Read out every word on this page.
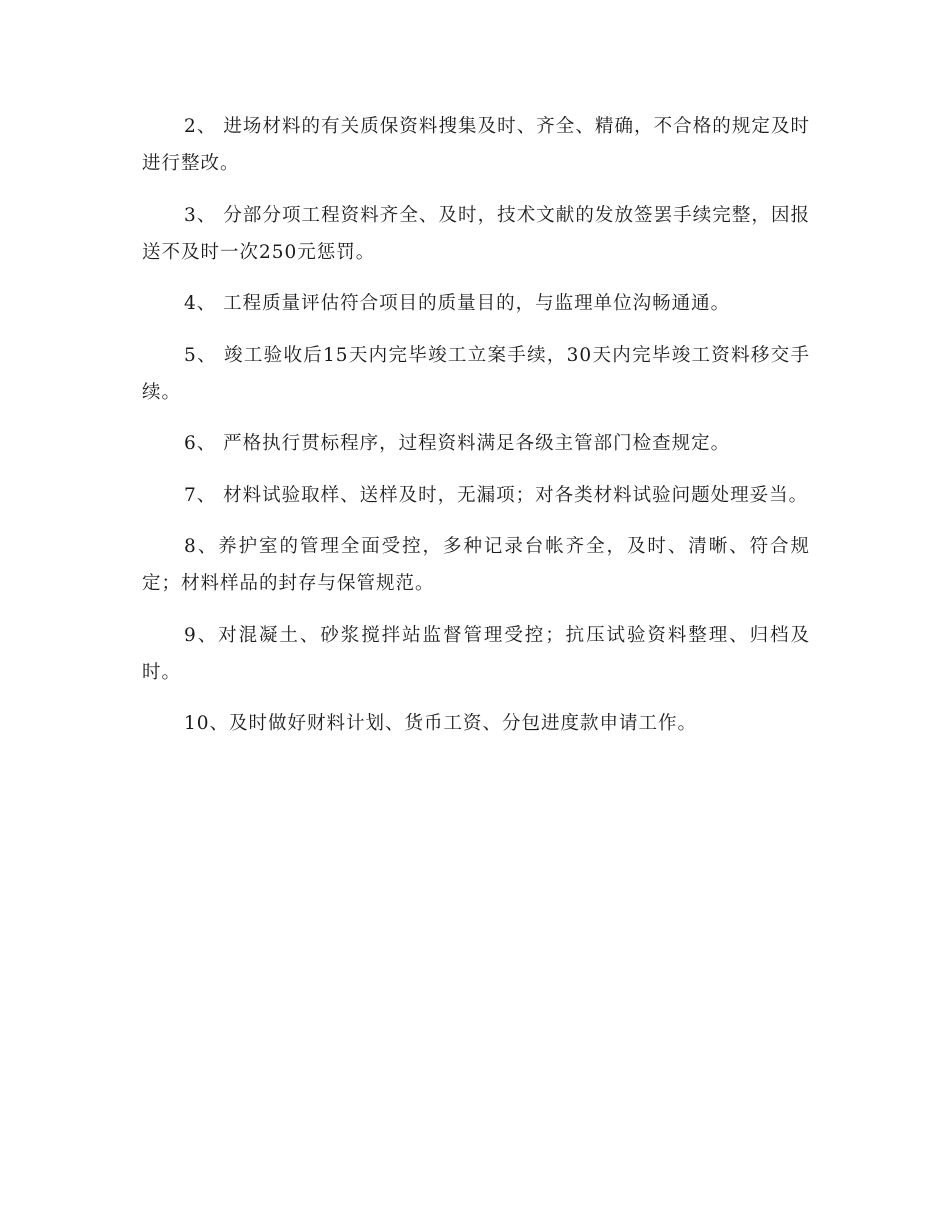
2、 进场材料的有关质保资料搜集及时、齐全、精确，不合格的规定及时进行整改。

3、 分部分项工程资料齐全、及时，技术文献的发放签罢手续完整，因报送不及时一次250元惩罚。

4、 工程质量评估符合项目的质量目的，与监理单位沟畅通通。

5、 竣工验收后15天内完毕竣工立案手续，30天内完毕竣工资料移交手续。

6、 严格执行贯标程序，过程资料满足各级主管部门检查规定。

7、 材料试验取样、送样及时，无漏项；对各类材料试验问题处理妥当。

8、养护室的管理全面受控，多种记录台帐齐全，及时、清晰、符合规定；材料样品的封存与保管规范。

9、对混凝土、砂浆搅拌站监督管理受控；抗压试验资料整理、归档及时。

10、及时做好财料计划、货币工资、分包进度款申请工作。
